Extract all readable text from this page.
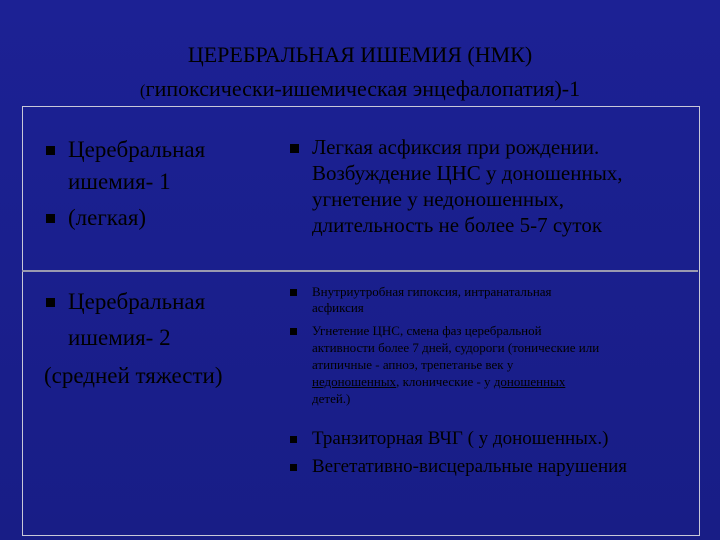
ЦЕРЕБРАЛЬНАЯ ИШЕМИЯ (НМК)
(гипоксически-ишемическая энцефалопатия)-1
Церебральная
ишемия- 1
(легкая)
Легкая асфиксия при рождении.
Возбуждение ЦНС у доношенных,
угнетение у недоношенных,
длительность не более 5-7 суток
Церебральная
ишемия- 2
(средней тяжести)
Внутриутробная гипоксия, интранатальная
асфиксия
Угнетение ЦНС, смена фаз церебральной
активности более 7 дней, судороги (тонические или
атипичные - апноэ, трепетанье век у
недоношенных, клонические - у доношенных
детей.)
Транзиторная ВЧГ ( у доношенных.)
Вегетативно-висцеральные нарушения
